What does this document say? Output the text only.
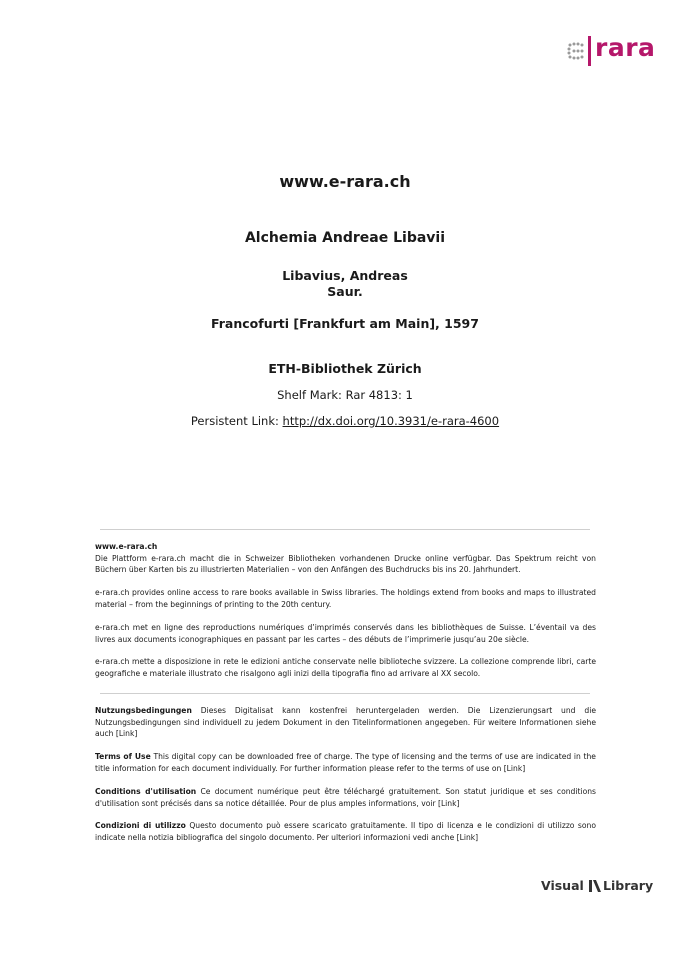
rara
www.e-rara.ch
Alchemia Andreae Libavii
Libavius, Andreas
Saur.
Francofurti [Frankfurt am Main], 1597
ETH-Bibliothek Zürich
Shelf Mark: Rar 4813: 1
Persistent Link: http://dx.doi.org/10.3931/e-rara-4600
www.e-rara.ch
Die Plattform e-rara.ch macht die in Schweizer Bibliotheken vorhandenen Drucke online verfügbar. Das Spektrum reicht von Büchern über Karten bis zu illustrierten Materialien – von den Anfängen des Buchdrucks bis ins 20. Jahrhundert.
e-rara.ch provides online access to rare books available in Swiss libraries. The holdings extend from books and maps to illustrated material – from the beginnings of printing to the 20th century.
e-rara.ch met en ligne des reproductions numériques d’imprimés conservés dans les bibliothèques de Suisse. L’éventail va des livres aux documents iconographiques en passant par les cartes – des débuts de l’imprimerie jusqu’au 20e siècle.
e-rara.ch mette a disposizione in rete le edizioni antiche conservate nelle biblioteche svizzere. La collezione comprende libri, carte geografiche e materiale illustrato che risalgono agli inizi della tipografia fino ad arrivare al XX secolo.
Nutzungsbedingungen Dieses Digitalisat kann kostenfrei heruntergeladen werden. Die Lizenzierungsart und die Nutzungsbedingungen sind individuell zu jedem Dokument in den Titelinformationen angegeben. Für weitere Informationen siehe auch [Link]
Terms of Use This digital copy can be downloaded free of charge. The type of licensing and the terms of use are indicated in the title information for each document individually. For further information please refer to the terms of use on [Link]
Conditions d'utilisation Ce document numérique peut être téléchargé gratuitement. Son statut juridique et ses conditions d'utilisation sont précisés dans sa notice détaillée. Pour de plus amples informations, voir [Link]
Condizioni di utilizzo Questo documento può essere scaricato gratuitamente. Il tipo di licenza e le condizioni di utilizzo sono indicate nella notizia bibliografica del singolo documento. Per ulteriori informazioni vedi anche [Link]
Visual Library
